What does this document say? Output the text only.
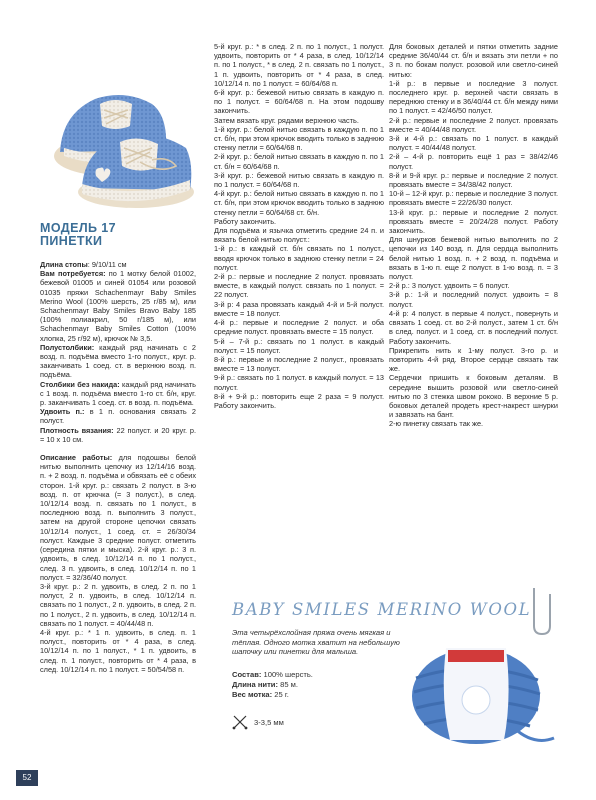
МОДЕЛЬ 17
ПИНЕТКИ

Длина стопы: 9/10/11 см

Вам потребуется: по 1 мотку белой 01002, бежевой 01005 и синей 01054 или розовой 01035 пряжи Schachenmayr Baby Smiles Merino Wool (100% шерсть, 25 г/85 м), или Schachenmayr Baby Smiles Bravo Baby 185 (100% полиакрил, 50 г/185 м), или Schachenmayr Baby Smiles Cotton (100% хлопка, 25 г/92 м), крючок № 3,5.

Полустолбики: каждый ряд начинать с 2 возд. п. подъёма вместо 1-го полуст., круг. р. заканчивать 1 соед. ст. в верхнюю возд. п. подъёма.

Столбики без накида: каждый ряд начинать с 1 возд. п. подъёма вместо 1-го ст. б/н, круг. р. заканчивать 1 соед. ст. в возд. п. подъёма.

Удвоить п.: в 1 п. основания связать 2 полуст.

Плотность вязания: 22 полуст. и 20 круг. р. = 10 х 10 см.

Описание работы: для подошвы белой нитью выполнить цепочку из 12/14/16 возд. п. + 2 возд. п. подъёма и обвязать её с обеих сторон. 1-й круг. р.: связать 2 полуст. в 3-ю возд. п. от крючка (= 3 полуст.), в след. 10/12/14 возд. п. связать по 1 полуст., в последнюю возд. п. выполнить 3 полуст., затем на другой стороне цепочки связать 10/12/14 полуст., 1 соед. ст. = 26/30/34 полуст. Каждые 3 средние полуст. отметить (середина пятки и мыска). 2-й круг. р.: 3 п. удвоить, в след. 10/12/14 п. по 1 полуст., след. 3 п. удвоить, в след. 10/12/14 п. по 1 полуст. = 32/36/40 полуст.

3-й круг. р.: 2 п. удвоить, в след. 2 п. по 1 полуст, 2 п. удвоить, в след. 10/12/14 п. связать по 1 полуст., 2 п. удвоить, в след. 2 п. по 1 полуст., 2 п. удвоить, в след. 10/12/14 п. связать по 1 полуст. = 40/44/48 п.

4-й круг. р.: * 1 п. удвоить, в след. п. 1 полуст., повторить от * 4 раза, в след. 10/12/14 п. по 1 полуст., * 1 п. удвоить, в след. п. 1 полуст., повторить от * 4 раза, в след. 10/12/14 п. по 1 полуст. = 50/54/58 п.

5-й круг. р.: * в след. 2 п. по 1 полуст., 1 полуст. удвоить, повторить от * 4 раза, в след. 10/12/14 п. по 1 полуст., * в след. 2 п. связать по 1 полуст., 1 п. удвоить, повторить от * 4 раза, в след. 10/12/14 п. по 1 полуст. = 60/64/68 п.

6-й круг. р.: бежевой нитью связать в каждую п. по 1 полуст. = 60/64/68 п. На этом подошву закончить.

Затем вязать круг. рядами верхнюю часть.

1-й круг. р.: белой нитью связать в каждую п. по 1 ст. б/н, при этом крючок вводить только в заднюю стенку петли = 60/64/68 п.

2-й круг. р.: белой нитью связать в каждую п. по 1 ст. б/н = 60/64/68 п.

3-й круг. р.: бежевой нитью связать в каждую п. по 1 полуст. = 60/64/68 п.

4-й круг. р.: белой нитью связать в каждую п. по 1 ст. б/н, при этом крючок вводить только в заднюю стенку петли = 60/64/68 ст. б/н.

Работу закончить.

Для подъёма и язычка отметить средние 24 п. и вязать белой нитью полуст.:

1-й р.: в каждый ст. б/н связать по 1 полуст., вводя крючок только в заднюю стенку петли = 24 полуст.

2-й р.: первые и последние 2 полуст. провязать вместе, в каждый полуст. связать по 1 полуст. = 22 полуст.

3-й р: 4 раза провязать каждый 4-й и 5-й полуст. вместе = 18 полуст.

4-й р.: первые и последние 2 полуст. и оба средние полуст. провязать вместе = 15 полуст.

5-й – 7-й р.: связать по 1 полуст. в каждый полуст. = 15 полуст.

8-й р.: первые и последние 2 полуст., провязать вместе = 13 полуст.

9-й р.: связать по 1 полуст. в каждый полуст. = 13 полуст.

8-й + 9-й р.: повторить еще 2 раза = 9 полуст. Работу закончить.

Для боковых деталей и пятки отметить задние средние 36/40/44 ст. б/н и вязать эти петли + по 3 п. по бокам полуст. розовой или светло-синей нитью:

1-й р.: в первые и последние 3 полуст. последнего круг. р. верхней части связать в переднюю стенку и в 36/40/44 ст. б/н между ними по 1 полуст. = 42/46/50 полуст.

2-й р.: первые и последние 2 полуст. провязать вместе = 40/44/48 полуст.

3-й и 4-й р.: связать по 1 полуст. в каждый полуст. = 40/44/48 полуст.

2-й – 4-й р. повторить ещё 1 раз = 38/42/46 полуст.

8-й и 9-й круг. р.: первые и последние 2 полуст. провязать вместе = 34/38/42 полуст.

10-й – 12-й круг. р.: первые и последние 3 полуст. провязать вместе = 22/26/30 полуст.

13-й круг. р.: первые и последние 2 полуст. провязать вместе = 20/24/28 полуст. Работу закончить.

Для шнурков бежевой нитью выполнить по 2 цепочки из 140 возд. п. Для сердца выполнить белой нитью 1 возд. п. + 2 возд. п. подъёма и вязать в 1-ю п. еще 2 полуст. в 1-ю возд. п. = 3 полуст.

2-й р.: 3 полуст. удвоить = 6 полуст.

3-й р.: 1-й и последний полуст. удвоить = 8 полуст.

4-й р: 4 полуст. в первые 4 полуст., повернуть и связать 1 соед. ст. во 2-й полуст., затем 1 ст. б/н в след. полуст. и 1 соед. ст. в последний полуст. Работу закончить.

Прикрепить нить к 1-му полуст. 3-го р. и повторить 4-й ряд. Второе сердце связать так же.

Сердечки пришить к боковым деталям. В середине вышить розовой или светло-синей нитью по 3 стежка швом рококо. В верхние 5 р. боковых деталей продеть крест-накрест шнурки и завязать на бант.

2-ю пинетку связать так же.

BABY SMILES MERINO WOOL
Эта четырёхслойная пряжа очень мягкая и тёплая. Одного мотка хватит на небольшую шапочку или пинетки для малыша.
Состав: 100% шерсть.
Длина нити: 85 м.
Вес мотка: 25 г.
3-3,5 мм
52
